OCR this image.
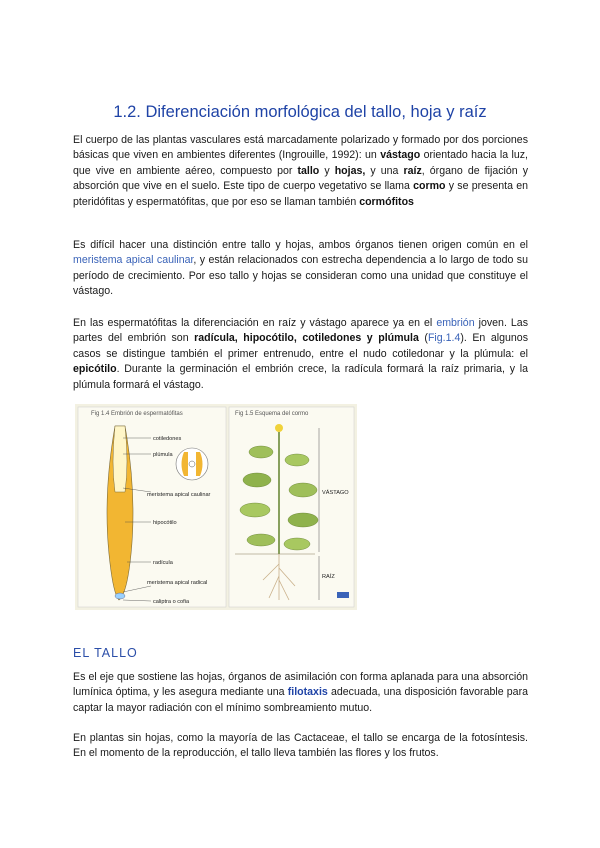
1.2. Diferenciación morfológica del tallo, hoja y raíz

El cuerpo de las plantas vasculares está marcadamente polarizado y formado por dos porciones básicas que viven en ambientes diferentes (Ingrouille, 1992): un vástago orientado hacia la luz, que vive en ambiente aéreo, compuesto por tallo y hojas, y una raíz, órgano de fijación y absorción que vive en el suelo. Este tipo de cuerpo vegetativo se llama cormo y se presenta en pteridófitas y espermatófitas, que por eso se llaman también cormófitos

Es difícil hacer una distinción entre tallo y hojas, ambos órganos tienen origen común en el meristema apical caulinar, y están relacionados con estrecha dependencia a lo largo de todo su período de crecimiento. Por eso tallo y hojas se consideran como una unidad que constituye el vástago.

En las espermatófitas la diferenciación en raíz y vástago aparece ya en el embrión joven. Las partes del embrión son radícula, hipocótilo, cotiledones y plúmula (Fig.1.4). En algunos casos se distingue también el primer entrenudo, entre el nudo cotiledonar y la plúmula: el epicótilo. Durante la germinación el embrión crece, la radícula formará la raíz primaria, y la plúmula formará el vástago.

Fig 1.4 Embrión de espermatófitas
cotiledones
plúmula
meristema apical caulinar
hipocótilo
radícula
meristema apical radical
caliptra o cofia
Fig 1.5 Esquema del cormo
VÁSTAGO
RAÍZ
EL TALLO

Es el eje que sostiene las hojas, órganos de asimilación con forma aplanada para una absorción lumínica óptima, y les asegura mediante una filotaxis adecuada, una disposición favorable para captar la mayor radiación con el mínimo sombreamiento mutuo.

En plantas sin hojas, como la mayoría de las Cactaceae, el tallo se encarga de la fotosíntesis. En el momento de la reproducción, el tallo lleva también las flores y los frutos.
